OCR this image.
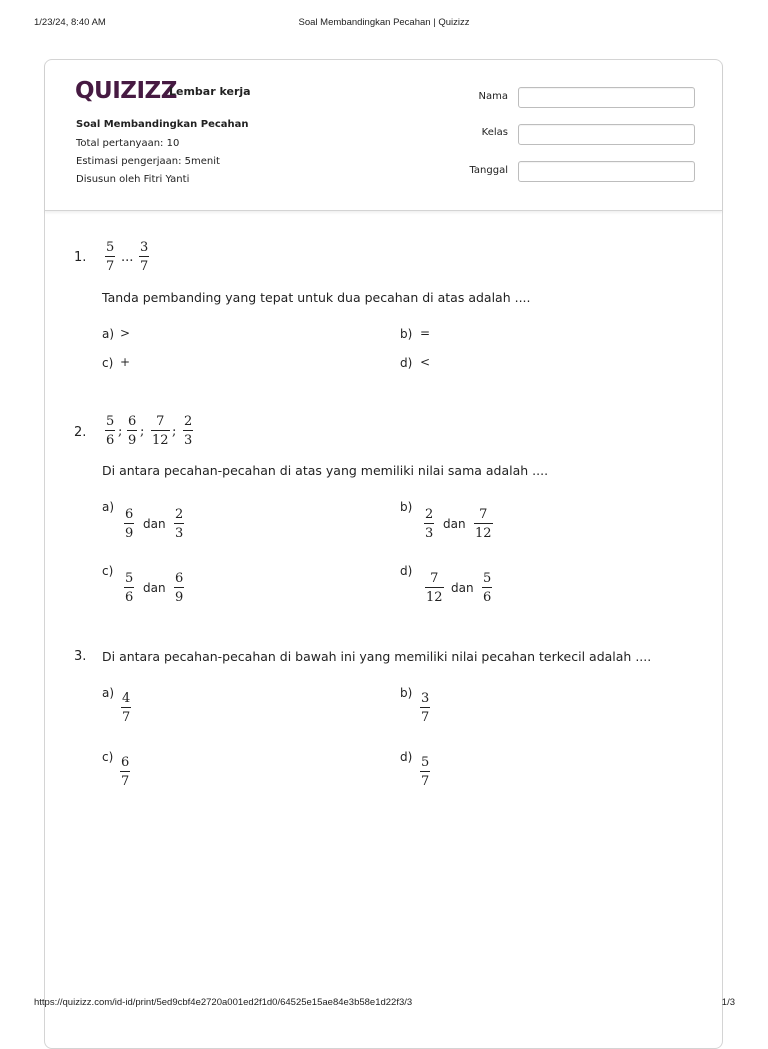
1/23/24, 8:40 AM	Soal Membandingkan Pecahan | Quizizz
QUIZIZZ
Lembar kerja
Soal Membandingkan Pecahan
Total pertanyaan: 10
Estimasi pengerjaan: 5menit
Disusun oleh Fitri Yanti
Nama
Kelas
Tanggal
1.
5
7
...
3
7
Tanda pembanding yang tepat untuk dua pecahan di atas adalah ....
a) >	b) =
c) +	d) <
2.
5
6
;
6
9
;
7
12
;
2
3
Di antara pecahan-pecahan di atas yang memiliki nilai sama adalah ....
a) 6
9
dan
2
3
b) 2
3
dan
7
12
c) 5
6
dan
6
9
d) 7
12
dan
5
6
3. Di antara pecahan-pecahan di bawah ini yang memiliki nilai pecahan terkecil adalah ....
a) 4
7
b) 3
7
c) 6
7
d) 5
7
https://quizizz.com/id-id/print/5ed9cbf4e2720a001ed2f1d0/64525e15ae84e3b58e1d22f3/3	1/3
